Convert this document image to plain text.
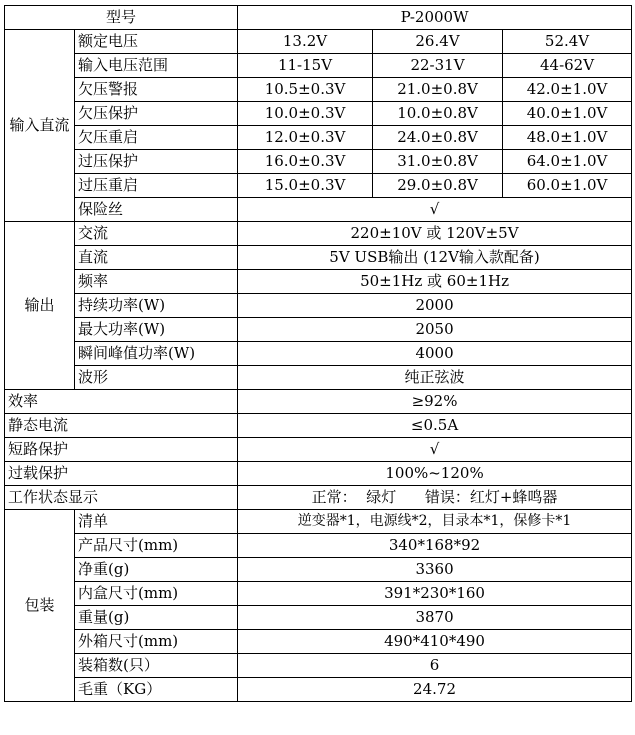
型号		P-2000W		
输入直流	额定电压	13.2V	26.4V	52.4V
	输入电压范围	11-15V	22-31V	44-62V
	欠压警报	10.5±0.3V	21.0±0.8V	42.0±1.0V
	欠压保护	10.0±0.3V	10.0±0.8V	40.0±1.0V
	欠压重启	12.0±0.3V	24.0±0.8V	48.0±1.0V
	过压保护	16.0±0.3V	31.0±0.8V	64.0±1.0V
	过压重启	15.0±0.3V	29.0±0.8V	60.0±1.0V
	保险丝	√		
输出	交流	220±10V 或 120V±5V		
	直流	5V USB输出 (12V输入款配备)		
	频率	50±1Hz 或 60±1Hz		
	持续功率(W)	2000		
	最大功率(W)	2050		
	瞬间峰值功率(W)	4000		
	波形	纯正弦波		
效率		≥92%		
静态电流		≤0.5A		
短路保护		√		
过载保护		100%~120%		
工作状态显示		正常：  绿灯      错误：红灯+蜂鸣器		
包装	清单	逆变器*1，电源线*2，目录本*1，保修卡*1		
	产品尺寸(mm)	340*168*92		
	净重(g)	3360		
	内盒尺寸(mm)	391*230*160		
	重量(g)	3870		
	外箱尺寸(mm)	490*410*490		
	装箱数(只）	6		
	毛重（KG）	24.72		
